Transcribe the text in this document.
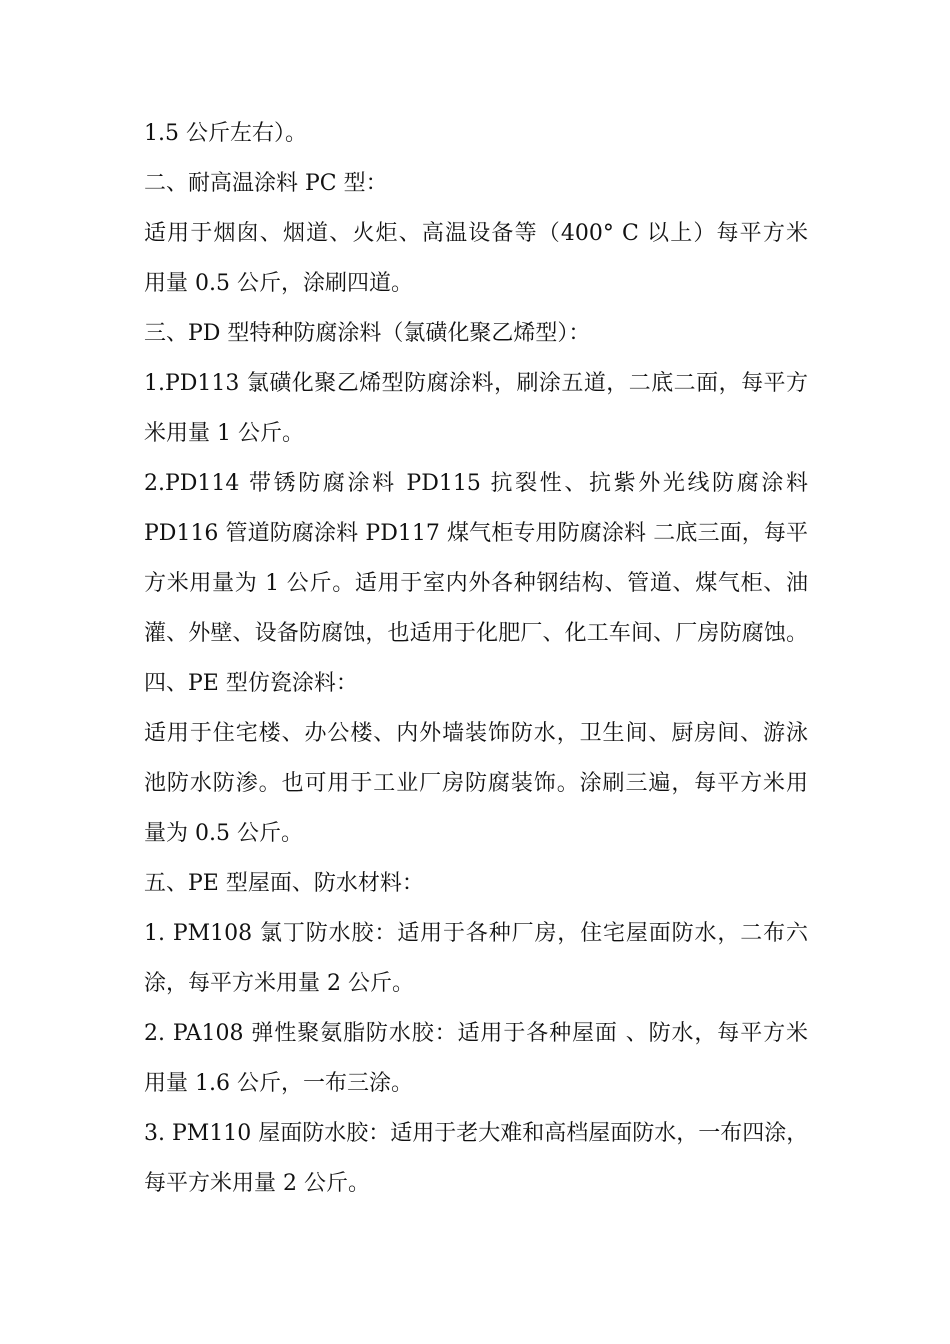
1.5 公斤左右）。

二、耐高温涂料 PC 型：

适用于烟囱、烟道、火炬、高温设备等（400° C 以上）每平方米

用量 0.5 公斤，涂刷四道。

三、PD 型特种防腐涂料（氯磺化聚乙烯型）：

1.PD113 氯磺化聚乙烯型防腐涂料，刷涂五道，二底二面，每平方

米用量 1 公斤。

2.PD114 带锈防腐涂料 PD115 抗裂性、抗紫外光线防腐涂料

PD116 管道防腐涂料 PD117 煤气柜专用防腐涂料 二底三面，每平

方米用量为 1 公斤。适用于室内外各种钢结构、管道、煤气柜、油

灌、外壁、设备防腐蚀，也适用于化肥厂、化工车间、厂房防腐蚀。

四、PE 型仿瓷涂料：

适用于住宅楼、办公楼、内外墙装饰防水，卫生间、厨房间、游泳

池防水防渗。也可用于工业厂房防腐装饰。涂刷三遍，每平方米用

量为 0.5 公斤。

五、PE 型屋面、防水材料：

1. PM108 氯丁防水胶：适用于各种厂房，住宅屋面防水，二布六

涂，每平方米用量 2 公斤。

2. PA108 弹性聚氨脂防水胶：适用于各种屋面 、防水，每平方米

用量 1.6 公斤，一布三涂。

3. PM110 屋面防水胶：适用于老大难和高档屋面防水，一布四涂，

每平方米用量 2 公斤。
